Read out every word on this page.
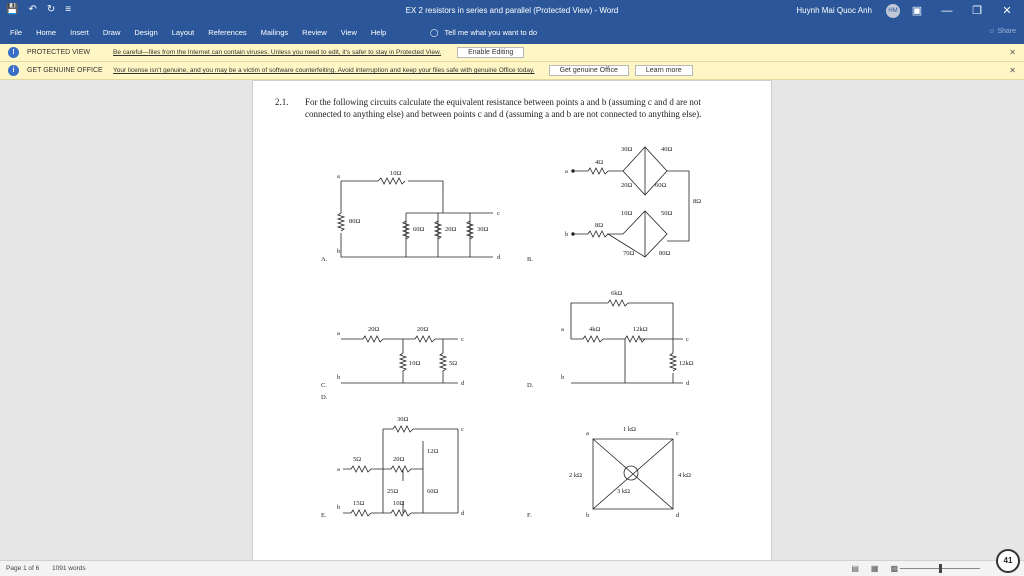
💾 ↶ ↻ ≡	EX 2 resistors in series and parallel (Protected View) - Word	Huynh Mai Quoc Anh	HM	▣	—	❐	✕
File Home Insert Draw Design Layout References Mailings Review View Help	◯ Tell me what you want to do	☺ Share
!	PROTECTED VIEW	Be careful—files from the Internet can contain viruses. Unless you need to edit, it's safer to stay in Protected View.	Enable Editing	✕
i	GET GENUINE OFFICE Your license isn't genuine, and you may be a victim of software counterfeiting. Avoid interruption and keep your files safe with genuine Office today.	Get genuine Office	Learn more	✕
2.1. For the following circuits calculate the equivalent resistance between points a and b (assuming c and d are not connected to anything else) and between points c and d (assuming a and b are not connected to anything else).
A.
a
b
c
d
10Ω
80Ω
60Ω	20Ω	30Ω
B.
a
b
30Ω	40Ω
4Ω
20Ω	60Ω
10Ω	50Ω
8Ω
8Ω
70Ω	80Ω
C.
D.
a
b
c
d
20Ω	20Ω
10Ω	5Ω
D.
a
b
c
d
6kΩ
4kΩ	12kΩ
12kΩ
E.
a
b
c
d
30Ω
5Ω	20Ω
12Ω
25Ω	60Ω
15Ω	10Ω
F.
a
b
c
d
1 kΩ
2 kΩ	4 kΩ
3 kΩ
Page 1 of 6 1091 words	▤ ▦ ▩
41
